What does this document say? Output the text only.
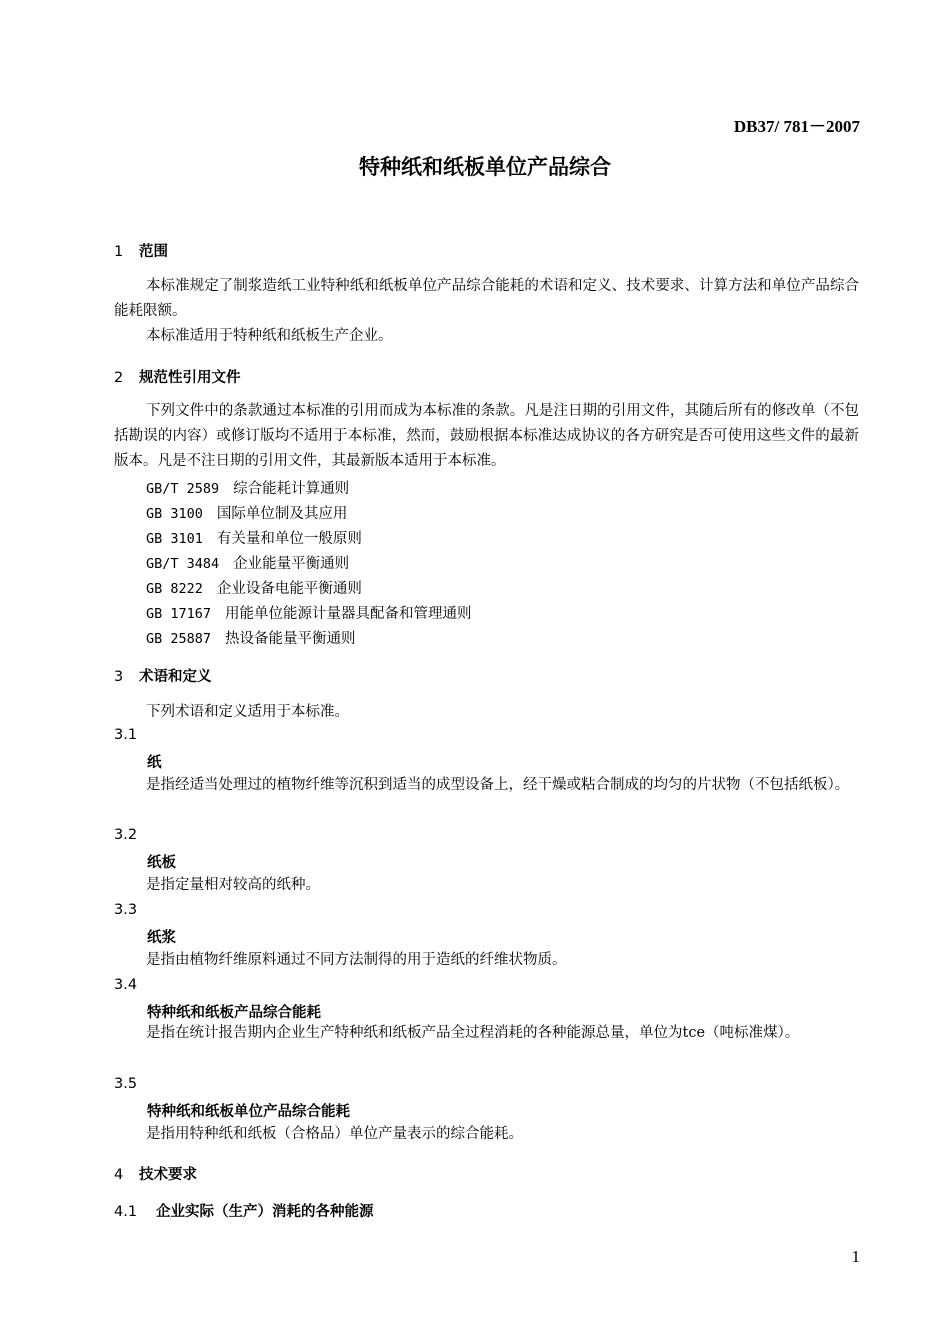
DB37/ 781－2007
特种纸和纸板单位产品综合
1 范围
本标准规定了制浆造纸工业特种纸和纸板单位产品综合能耗的术语和定义、技术要求、计算方法和单位产品综合能耗限额。
本标准适用于特种纸和纸板生产企业。
2 规范性引用文件
下列文件中的条款通过本标准的引用而成为本标准的条款。凡是注日期的引用文件，其随后所有的修改单（不包括勘误的内容）或修订版均不适用于本标准，然而，鼓励根据本标准达成协议的各方研究是否可使用这些文件的最新版本。凡是不注日期的引用文件，其最新版本适用于本标准。
GB/T 2589 综合能耗计算通则
GB 3100 国际单位制及其应用
GB 3101 有关量和单位一般原则
GB/T 3484 企业能量平衡通则
GB 8222 企业设备电能平衡通则
GB 17167 用能单位能源计量器具配备和管理通则
GB 25887 热设备能量平衡通则
3 术语和定义
下列术语和定义适用于本标准。
3.1
纸
是指经适当处理过的植物纤维等沉积到适当的成型设备上，经干燥或粘合制成的均匀的片状物（不包括纸板）。
3.2
纸板
是指定量相对较高的纸种。
3.3
纸浆
是指由植物纤维原料通过不同方法制得的用于造纸的纤维状物质。
3.4
特种纸和纸板产品综合能耗
是指在统计报告期内企业生产特种纸和纸板产品全过程消耗的各种能源总量，单位为tce（吨标准煤）。
3.5
特种纸和纸板单位产品综合能耗
是指用特种纸和纸板（合格品）单位产量表示的综合能耗。
4 技术要求
4.1 企业实际（生产）消耗的各种能源
1
